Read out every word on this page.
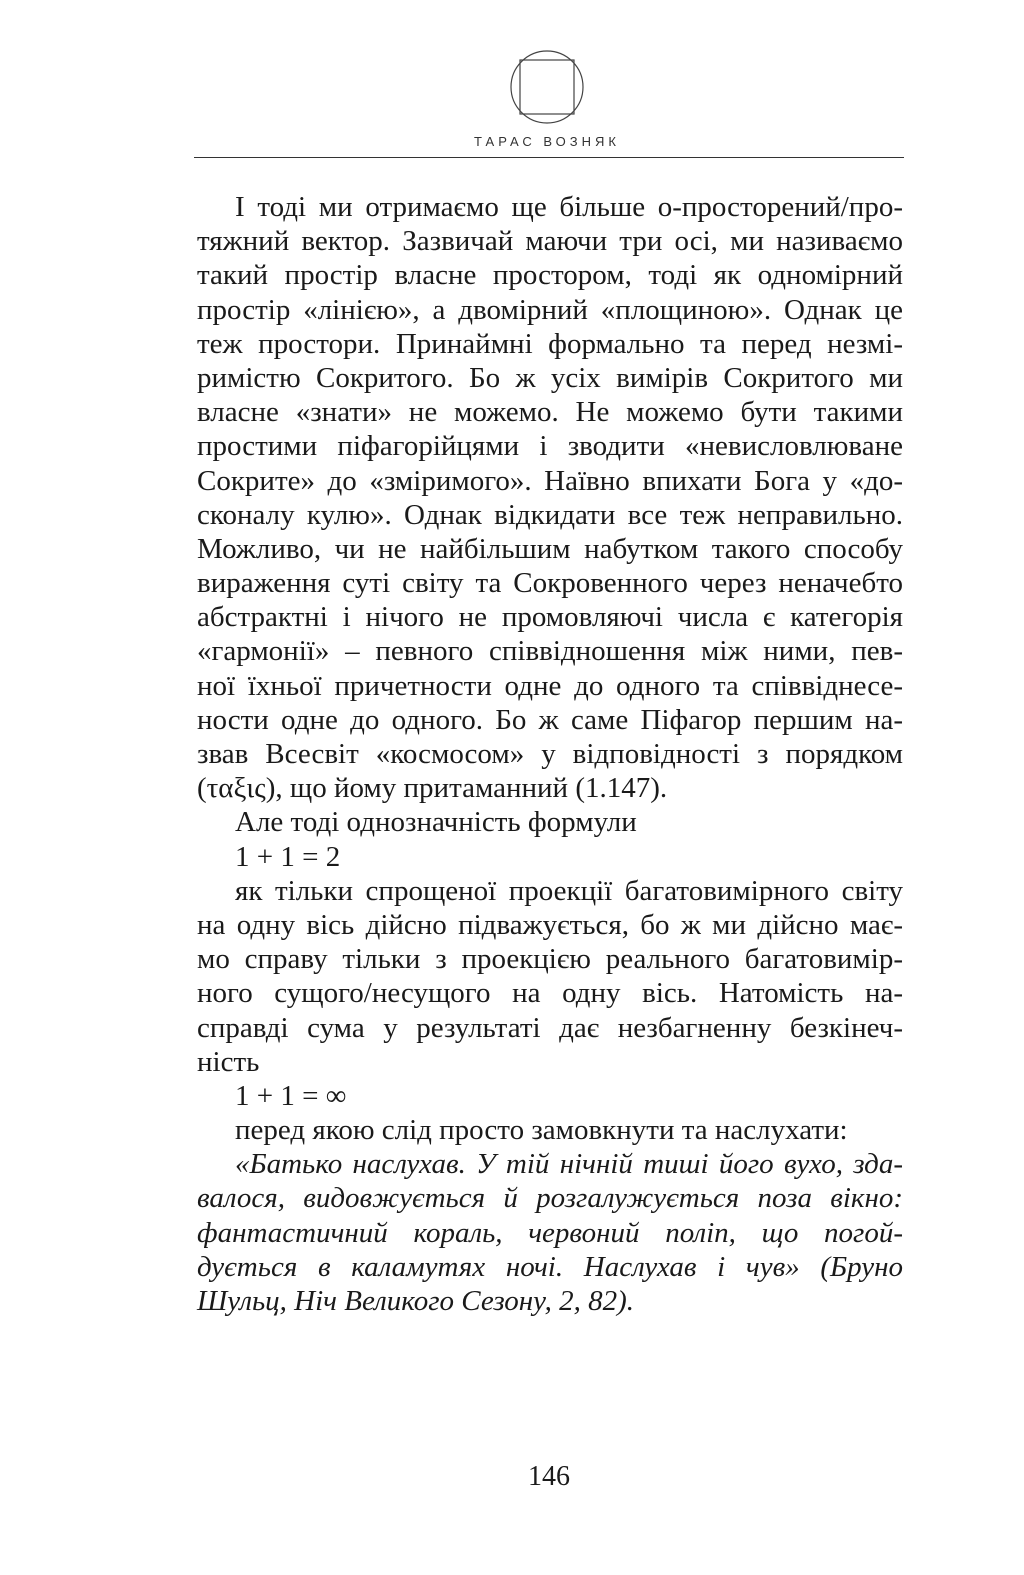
ТАРАС ВОЗНЯК
І тоді ми отримаємо ще більше о-просторений/про-
тяжний вектор. Зазвичай маючи три осі, ми називаємо
такий простір власне простором, тоді як одномірний
простір «лінією», а двомірний «площиною». Однак це
теж простори. Принаймні формально та перед незмі-
римістю Сокритого. Бо ж усіх вимірів Сокритого ми
власне «знати» не можемо. Не можемо бути такими
простими піфагорійцями і зводити «невисловлюване
Сокрите» до «зміримого». Наївно впихати Бога у «до-
сконалу кулю». Однак відкидати все теж неправильно.
Можливо, чи не найбільшим набутком такого способу
вираження суті світу та Сокровенного через неначебто
абстрактні і нічого не промовляючі числа є категорія
«гармонії» – певного співвідношення між ними, пев-
ної їхньої причетности одне до одного та співвіднесе-
ности одне до одного. Бо ж саме Піфагор першим на-
звав Всесвіт «космосом» у відповідності з порядком
(ταξις), що йому притаманний (1.147).
Але тоді однозначність формули
1 + 1 = 2
як тільки спрощеної проекції багатовимірного світу
на одну вісь дійсно підважується, бо ж ми дійсно має-
мо справу тільки з проекцією реального багатовимір-
ного сущого/несущого на одну вісь. Натомість на-
справді сума у результаті дає незбагненну безкінеч-
ність
1 + 1 = ∞
перед якою слід просто замовкнути та наслухати:
«Батько наслухав. У тій нічній тиші його вухо, зда-
валося, видовжується й розгалужується поза вікно:
фантастичний кораль, червоний поліп, що погой-
дується в каламутях ночі. Наслухав і чув» (Бруно
Шульц, Ніч Великого Сезону, 2, 82).
146
